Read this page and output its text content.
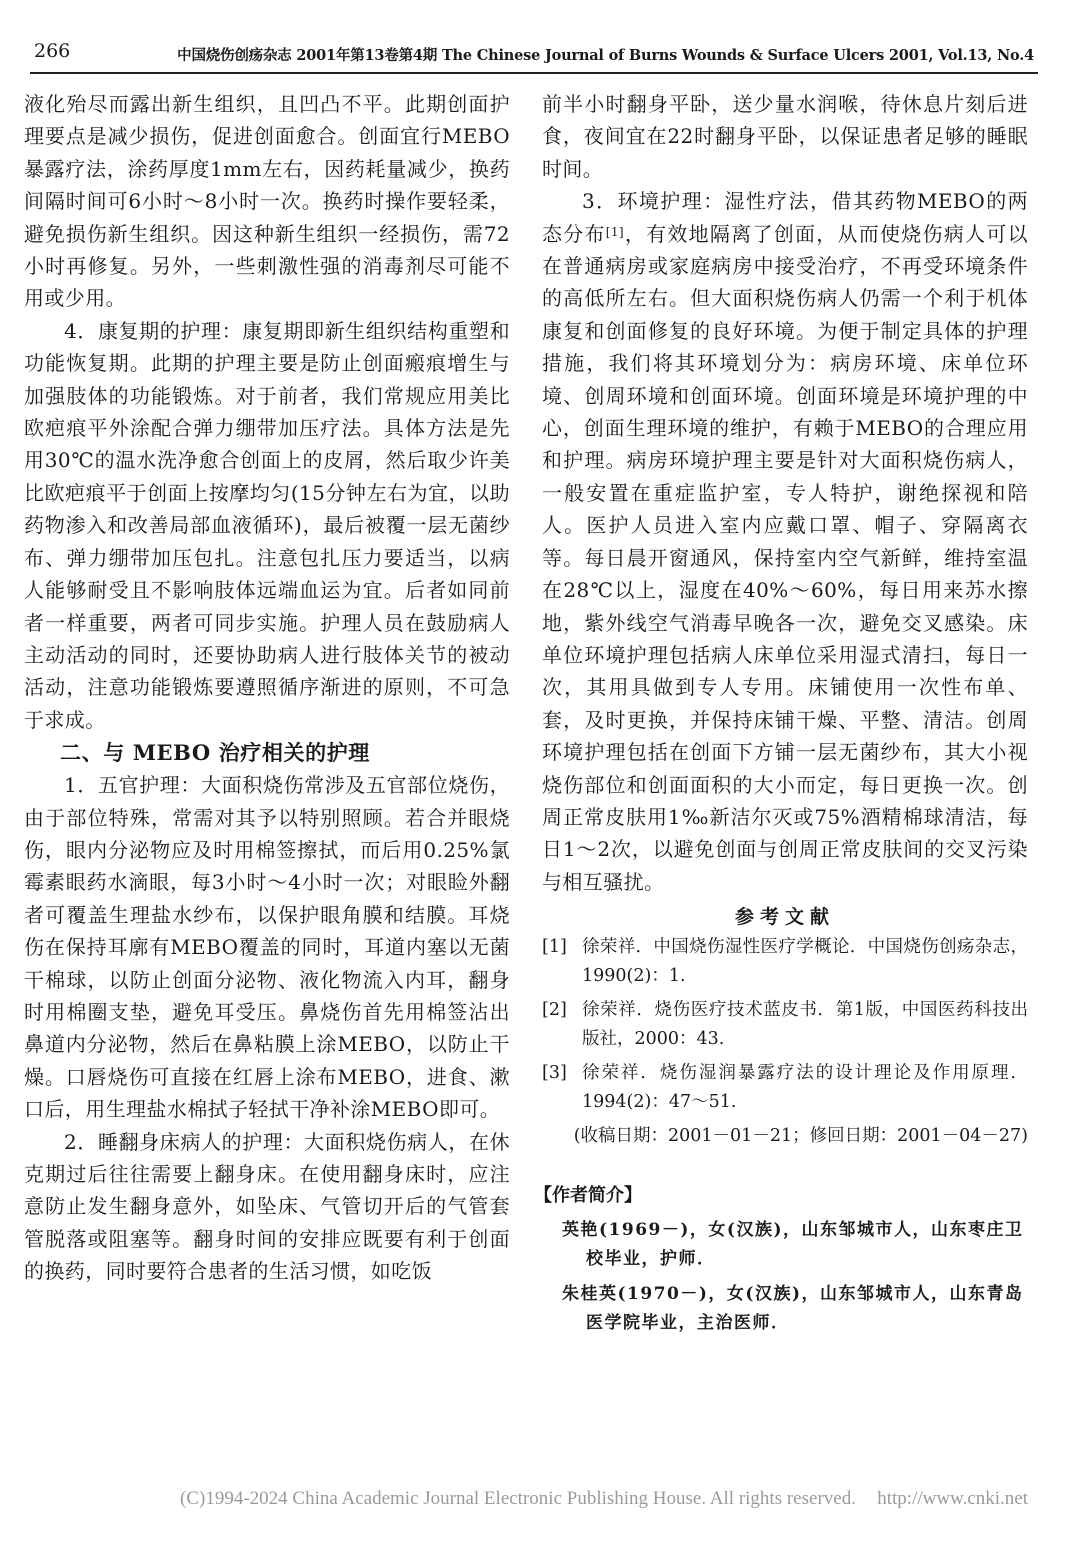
266	中国烧伤创疡杂志 2001年第13卷第4期 The Chinese Journal of Burns Wounds & Surface Ulcers 2001, Vol.13, No.4

液化殆尽而露出新生组织，且凹凸不平。此期创面护理要点是减少损伤，促进创面愈合。创面宜行MEBO暴露疗法，涂药厚度1mm左右，因药耗量减少，换药间隔时间可6小时～8小时一次。换药时操作要轻柔，避免损伤新生组织。因这种新生组织一经损伤，需72小时再修复。另外，一些刺激性强的消毒剂尽可能不用或少用。

4．康复期的护理：康复期即新生组织结构重塑和功能恢复期。此期的护理主要是防止创面瘢痕增生与加强肢体的功能锻炼。对于前者，我们常规应用美比欧疤痕平外涂配合弹力绷带加压疗法。具体方法是先用30℃的温水洗净愈合创面上的皮屑，然后取少许美比欧疤痕平于创面上按摩均匀(15分钟左右为宜，以助药物渗入和改善局部血液循环)，最后被覆一层无菌纱布、弹力绷带加压包扎。注意包扎压力要适当，以病人能够耐受且不影响肢体远端血运为宜。后者如同前者一样重要，两者可同步实施。护理人员在鼓励病人主动活动的同时，还要协助病人进行肢体关节的被动活动，注意功能锻炼要遵照循序渐进的原则，不可急于求成。

二、与 MEBO 治疗相关的护理

1．五官护理：大面积烧伤常涉及五官部位烧伤，由于部位特殊，常需对其予以特别照顾。若合并眼烧伤，眼内分泌物应及时用棉签擦拭，而后用0.25%氯霉素眼药水滴眼，每3小时～4小时一次；对眼睑外翻者可覆盖生理盐水纱布，以保护眼角膜和结膜。耳烧伤在保持耳廓有MEBO覆盖的同时，耳道内塞以无菌干棉球，以防止创面分泌物、液化物流入内耳，翻身时用棉圈支垫，避免耳受压。鼻烧伤首先用棉签沾出鼻道内分泌物，然后在鼻粘膜上涂MEBO，以防止干燥。口唇烧伤可直接在红唇上涂布MEBO，进食、漱口后，用生理盐水棉拭子轻拭干净补涂MEBO即可。

2．睡翻身床病人的护理：大面积烧伤病人，在休克期过后往往需要上翻身床。在使用翻身床时，应注意防止发生翻身意外，如坠床、气管切开后的气管套管脱落或阻塞等。翻身时间的安排应既要有利于创面的换药，同时要符合患者的生活习惯，如吃饭

前半小时翻身平卧，送少量水润喉，待休息片刻后进食，夜间宜在22时翻身平卧，以保证患者足够的睡眠时间。

3．环境护理：湿性疗法，借其药物MEBO的两态分布[1]，有效地隔离了创面，从而使烧伤病人可以在普通病房或家庭病房中接受治疗，不再受环境条件的高低所左右。但大面积烧伤病人仍需一个利于机体康复和创面修复的良好环境。为便于制定具体的护理措施，我们将其环境划分为：病房环境、床单位环境、创周环境和创面环境。创面环境是环境护理的中心，创面生理环境的维护，有赖于MEBO的合理应用和护理。病房环境护理主要是针对大面积烧伤病人，一般安置在重症监护室，专人特护，谢绝探视和陪人。医护人员进入室内应戴口罩、帽子、穿隔离衣等。每日晨开窗通风，保持室内空气新鲜，维持室温在28℃以上，湿度在40%～60%，每日用来苏水擦地，紫外线空气消毒早晚各一次，避免交叉感染。床单位环境护理包括病人床单位采用湿式清扫，每日一次，其用具做到专人专用。床铺使用一次性布单、套，及时更换，并保持床铺干燥、平整、清洁。创周环境护理包括在创面下方铺一层无菌纱布，其大小视烧伤部位和创面面积的大小而定，每日更换一次。创周正常皮肤用1‰新洁尔灭或75%酒精棉球清洁，每日1～2次，以避免创面与创周正常皮肤间的交叉污染与相互骚扰。

参考文献

[1] 徐荣祥．中国烧伤湿性医疗学概论．中国烧伤创疡杂志，1990(2)：1.

[2] 徐荣祥．烧伤医疗技术蓝皮书．第1版，中国医药科技出版社，2000：43.

[3] 徐荣祥．烧伤湿润暴露疗法的设计理论及作用原理．1994(2)：47～51.

(收稿日期：2001－01－21；修回日期：2001－04－27)

【作者简介】

英艳(1969－)，女(汉族)，山东邹城市人，山东枣庄卫校毕业，护师．

朱桂英(1970－)，女(汉族)，山东邹城市人，山东青岛医学院毕业，主治医师．

(C)1994-2024 China Academic Journal Electronic Publishing House. All rights reserved. http://www.cnki.net
